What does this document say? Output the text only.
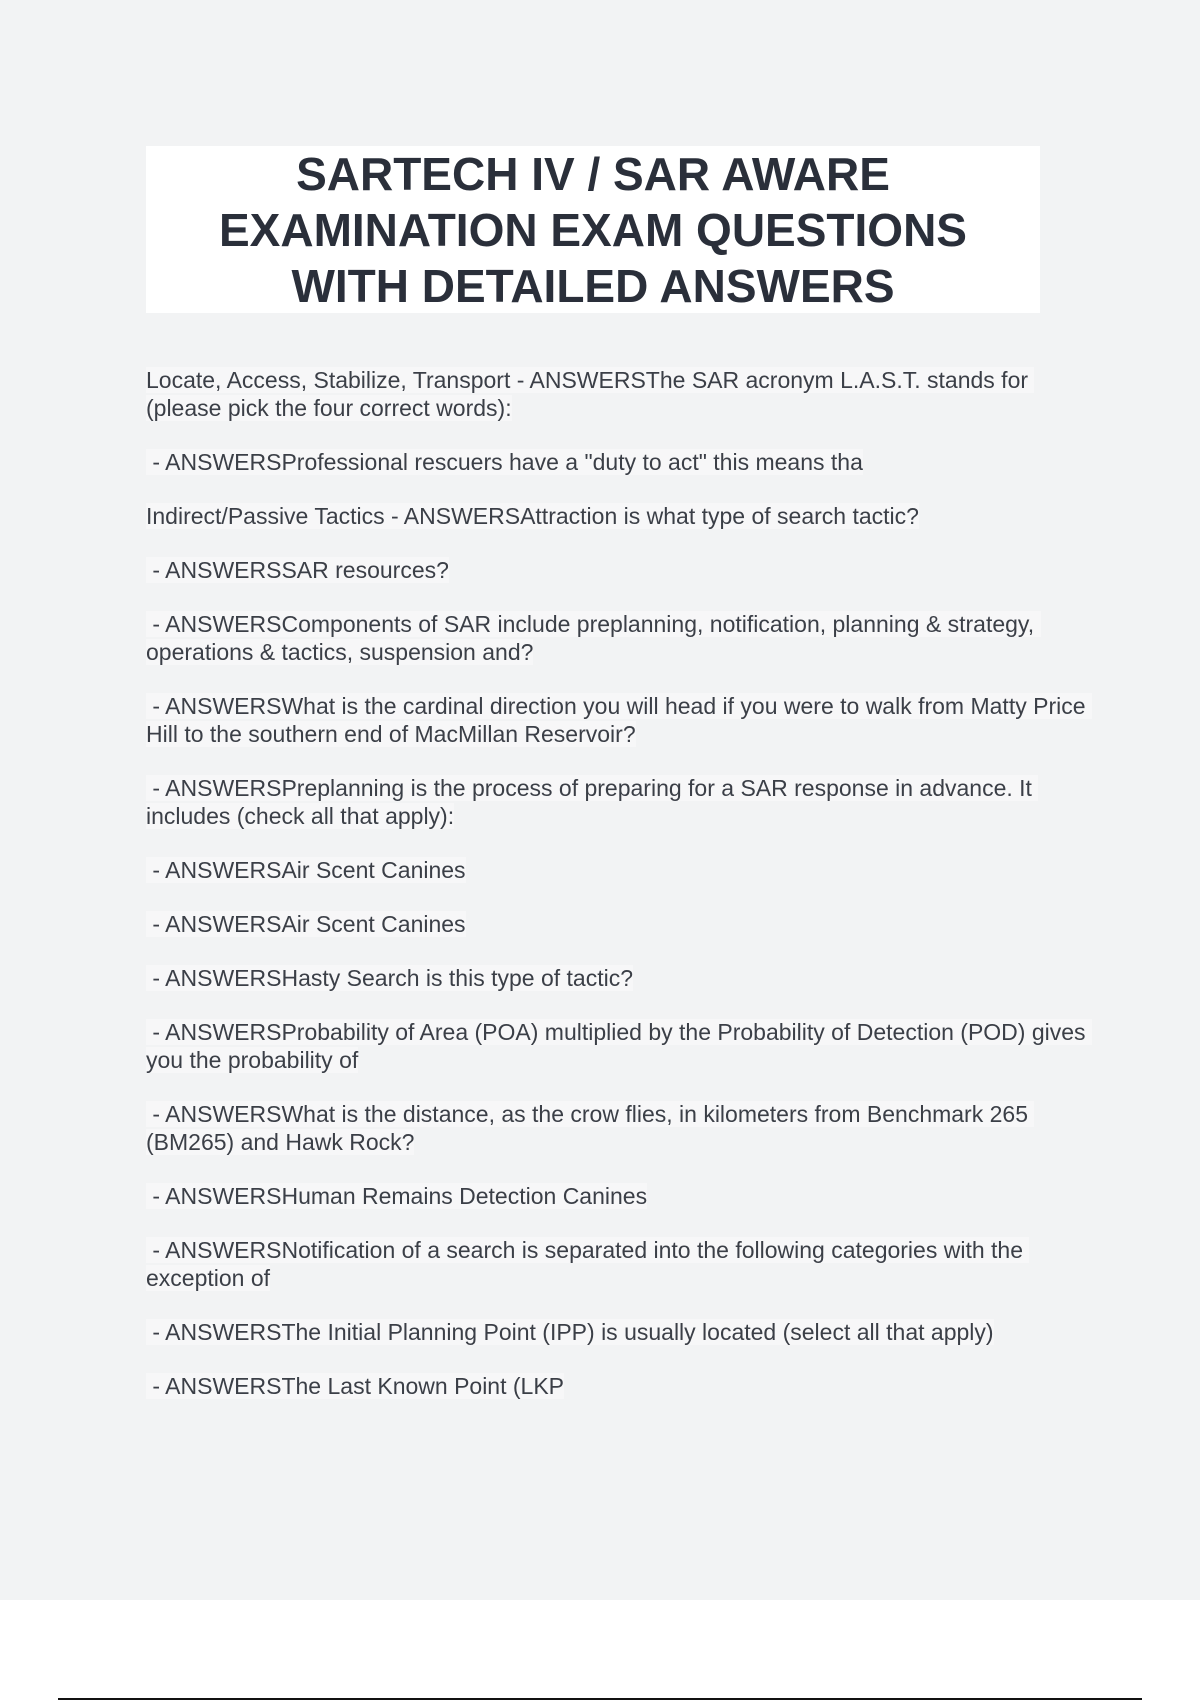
SARTECH IV / SAR AWARE
EXAMINATION EXAM QUESTIONS
WITH DETAILED ANSWERS
Locate, Access, Stabilize, Transport - ANSWERSThe SAR acronym L.A.S.T. stands for (please pick the four correct words):
- ANSWERSProfessional rescuers have a "duty to act" this means tha
Indirect/Passive Tactics - ANSWERSAttraction is what type of search tactic?
- ANSWERSSAR resources?
- ANSWERSComponents of SAR include preplanning, notification, planning & strategy, operations & tactics, suspension and?
- ANSWERSWhat is the cardinal direction you will head if you were to walk from Matty Price Hill to the southern end of MacMillan Reservoir?
- ANSWERSPreplanning is the process of preparing for a SAR response in advance. It includes (check all that apply):
- ANSWERSAir Scent Canines
- ANSWERSAir Scent Canines
- ANSWERSHasty Search is this type of tactic?
- ANSWERSProbability of Area (POA) multiplied by the Probability of Detection (POD) gives you the probability of
- ANSWERSWhat is the distance, as the crow flies, in kilometers from Benchmark 265 (BM265) and Hawk Rock?
- ANSWERSHuman Remains Detection Canines
- ANSWERSNotification of a search is separated into the following categories with the exception of
- ANSWERSThe Initial Planning Point (IPP) is usually located (select all that apply)
- ANSWERSThe Last Known Point (LKP
